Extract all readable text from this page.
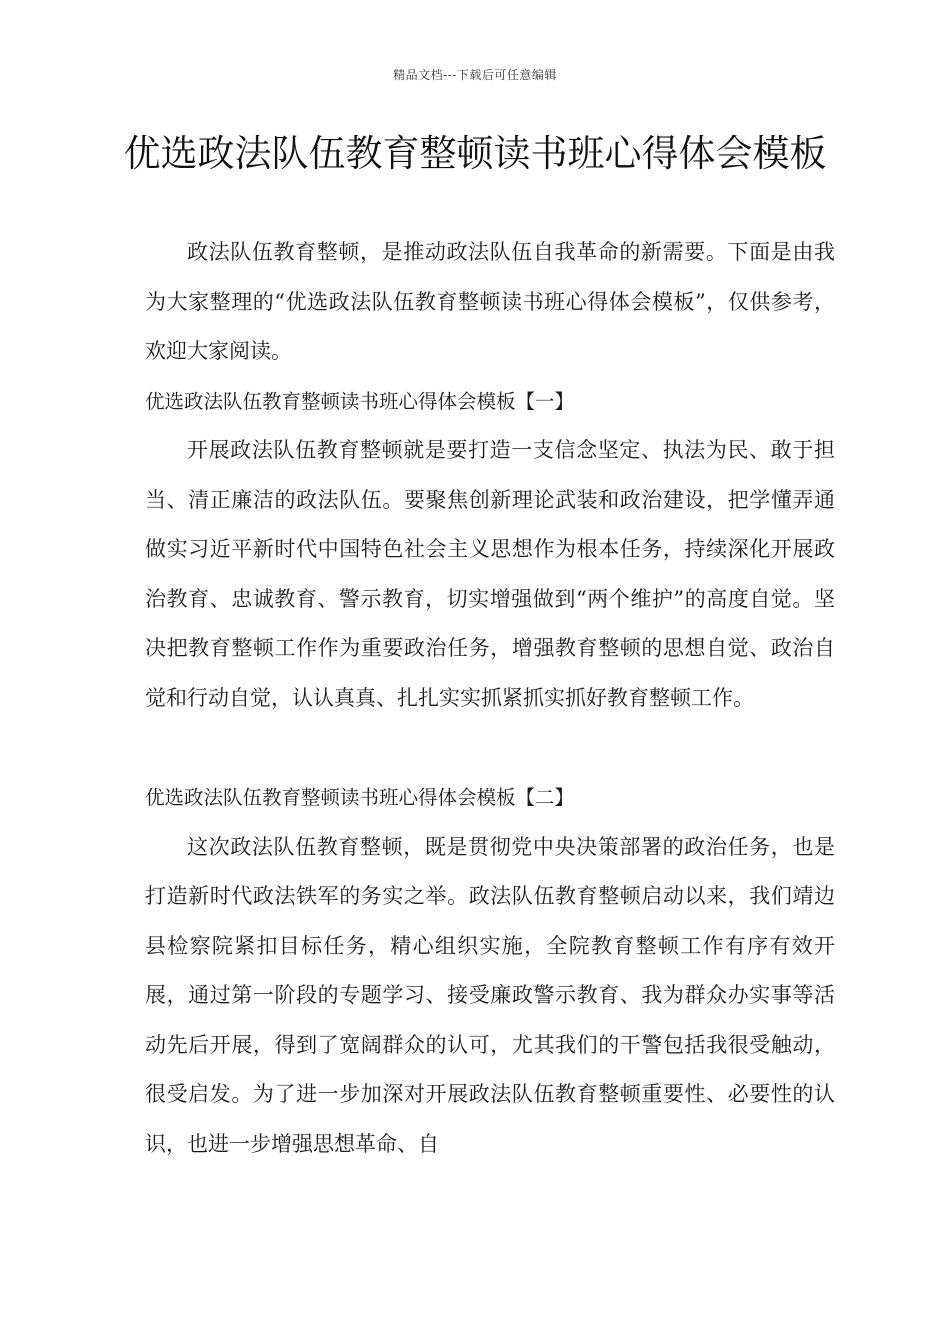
精品文档---下载后可任意编辑
优选政法队伍教育整顿读书班心得体会模板

政法队伍教育整顿，是推动政法队伍自我革命的新需要。下面是由我为大家整理的“优选政法队伍教育整顿读书班心得体会模板”，仅供参考，欢迎大家阅读。

优选政法队伍教育整顿读书班心得体会模板【一】

开展政法队伍教育整顿就是要打造一支信念坚定、执法为民、敢于担当、清正廉洁的政法队伍。要聚焦创新理论武装和政治建设，把学懂弄通做实习近平新时代中国特色社会主义思想作为根本任务，持续深化开展政治教育、忠诚教育、警示教育，切实增强做到“两个维护”的高度自觉。坚决把教育整顿工作作为重要政治任务，增强教育整顿的思想自觉、政治自觉和行动自觉，认认真真、扎扎实实抓紧抓实抓好教育整顿工作。

优选政法队伍教育整顿读书班心得体会模板【二】

这次政法队伍教育整顿，既是贯彻党中央决策部署的政治任务，也是打造新时代政法铁军的务实之举。政法队伍教育整顿启动以来，我们靖边县检察院紧扣目标任务，精心组织实施，全院教育整顿工作有序有效开展，通过第一阶段的专题学习、接受廉政警示教育、我为群众办实事等活动先后开展，得到了宽阔群众的认可，尤其我们的干警包括我很受触动，很受启发。为了进一步加深对开展政法队伍教育整顿重要性、必要性的认识，也进一步增强思想革命、自
